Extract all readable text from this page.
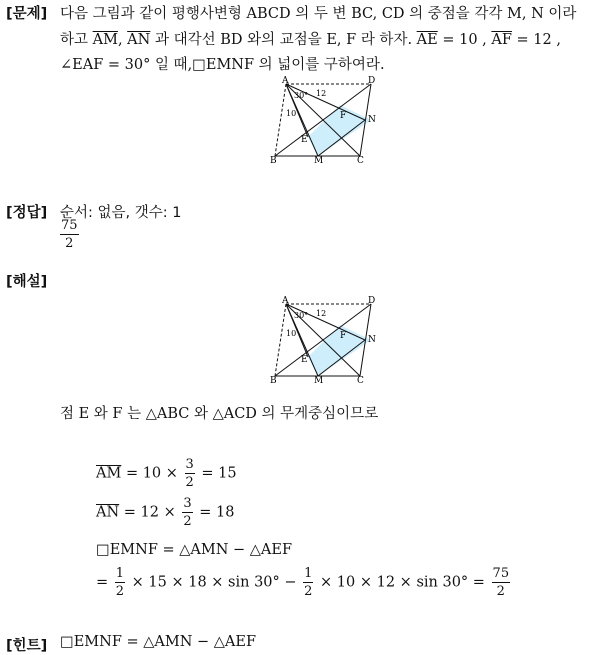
[문제] 다음 그림과 같이 평행사변형 ABCD 의 두 변 BC, CD 의 중점을 각각 M, N 이라
하고 $\overline{AM}$, $\overline{AN}$ 과 대각선 BD 와의 교점을 E, F 라 하자. $\overline{AE} = 10$ , $\overline{AF} = 12$ ,
∠EAF = 30° 일 때,□EMNF 의 넓이를 구하여라.
A	D
B	C
M
N
E
F
30° 12
10
[정답] 순서: 없음, 갯수: 1
$\frac{75}{2}$
[해설]
A	D
B	C
M
N
E
F
30° 12
10
점 E 와 F 는 △ABC 와 △ACD 의 무게중심이므로
$\overline{AM} = 10 \times \frac{3}{2} = 15$
$\overline{AN} = 12 \times \frac{3}{2} = 18$
□EMNF = △AMN − △AEF
= $\frac{1}{2} \times 15 \times 18 \times \sin 30^\circ - \frac{1}{2} \times 10 \times 12 \times \sin 30^\circ = \frac{75}{2}$
[힌트] □EMNF = △AMN − △AEF
